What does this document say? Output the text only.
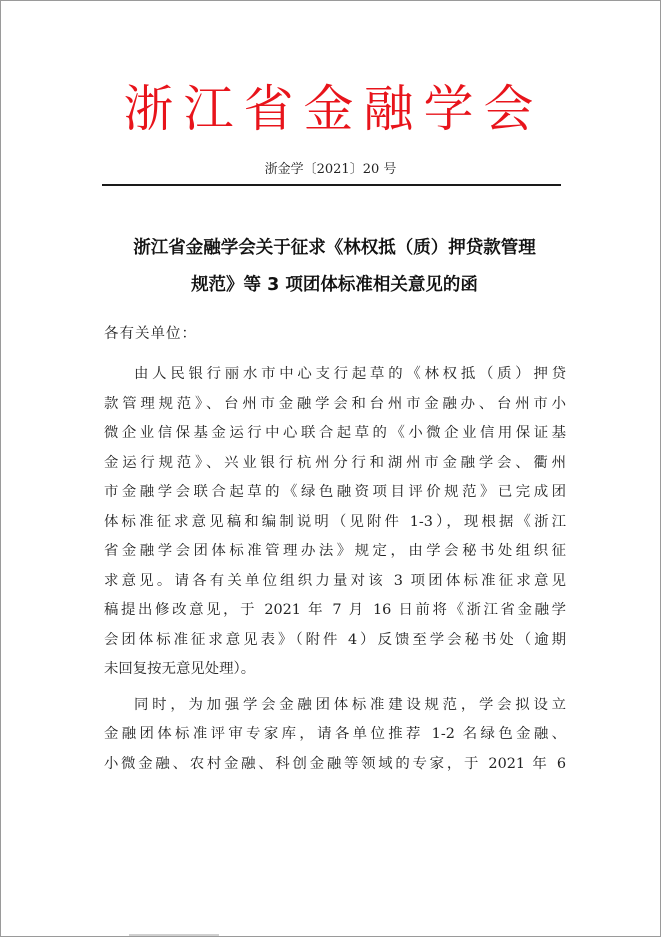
浙江省金融学会
浙金学〔2021〕20 号
浙江省金融学会关于征求《林权抵（质）押贷款管理
规范》等 3 项团体标准相关意见的函
各有关单位：
由人民银行丽水市中心支行起草的《林权抵（质）押贷
款管理规范》、台州市金融学会和台州市金融办、台州市小
微企业信保基金运行中心联合起草的《小微企业信用保证基
金运行规范》、兴业银行杭州分行和湖州市金融学会、衢州
市金融学会联合起草的《绿色融资项目评价规范》已完成团
体标准征求意见稿和编制说明（见附件 1-3），现根据《浙江
省金融学会团体标准管理办法》规定，由学会秘书处组织征
求意见。请各有关单位组织力量对该 3 项团体标准征求意见
稿提出修改意见，于 2021 年 7 月 16 日前将《浙江省金融学
会团体标准征求意见表》（附件 4）反馈至学会秘书处（逾期
未回复按无意见处理）。
同时，为加强学会金融团体标准建设规范，学会拟设立
金融团体标准评审专家库，请各单位推荐 1-2 名绿色金融、
小微金融、农村金融、科创金融等领域的专家，于 2021 年 6
